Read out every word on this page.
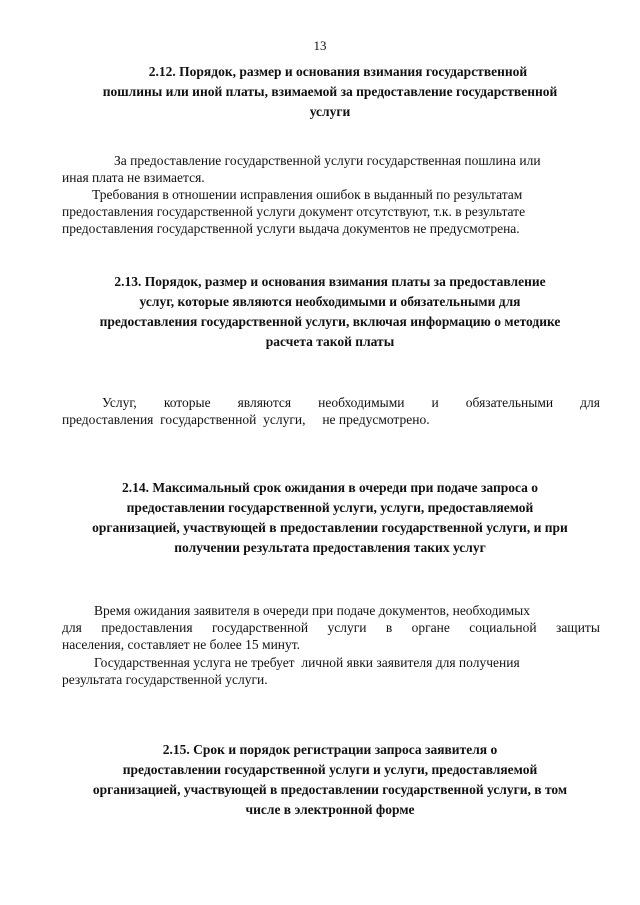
13
2.12. Порядок, размер и основания взимания государственной
пошлины или иной платы, взимаемой за предоставление государственной
услуги
За предоставление государственной услуги государственная пошлина или
иная плата не взимается.
Требования в отношении исправления ошибок в выданный по результатам
предоставления государственной услуги документ отсутствуют, т.к. в результате
предоставления государственной услуги выдача документов не предусмотрена.
2.13. Порядок, размер и основания взимания платы за предоставление
услуг, которые являются необходимыми и обязательными для
предоставления государственной услуги, включая информацию о методике
расчета такой платы
Услуг, которые являются необходимыми и обязательными для
предоставления  государственной  услуги,     не предусмотрено.
2.14. Максимальный срок ожидания в очереди при подаче запроса о
предоставлении государственной услуги, услуги, предоставляемой
организацией, участвующей в предоставлении государственной услуги, и при
получении результата предоставления таких услуг
Время ожидания заявителя в очереди при подаче документов, необходимых
для предоставления государственной услуги в органе социальной защиты
населения, составляет не более 15 минут.
Государственная услуга не требует  личной явки заявителя для получения
результата государственной услуги.
2.15. Срок и порядок регистрации запроса заявителя о
предоставлении государственной услуги и услуги, предоставляемой
организацией, участвующей в предоставлении государственной услуги, в том
числе в электронной форме
